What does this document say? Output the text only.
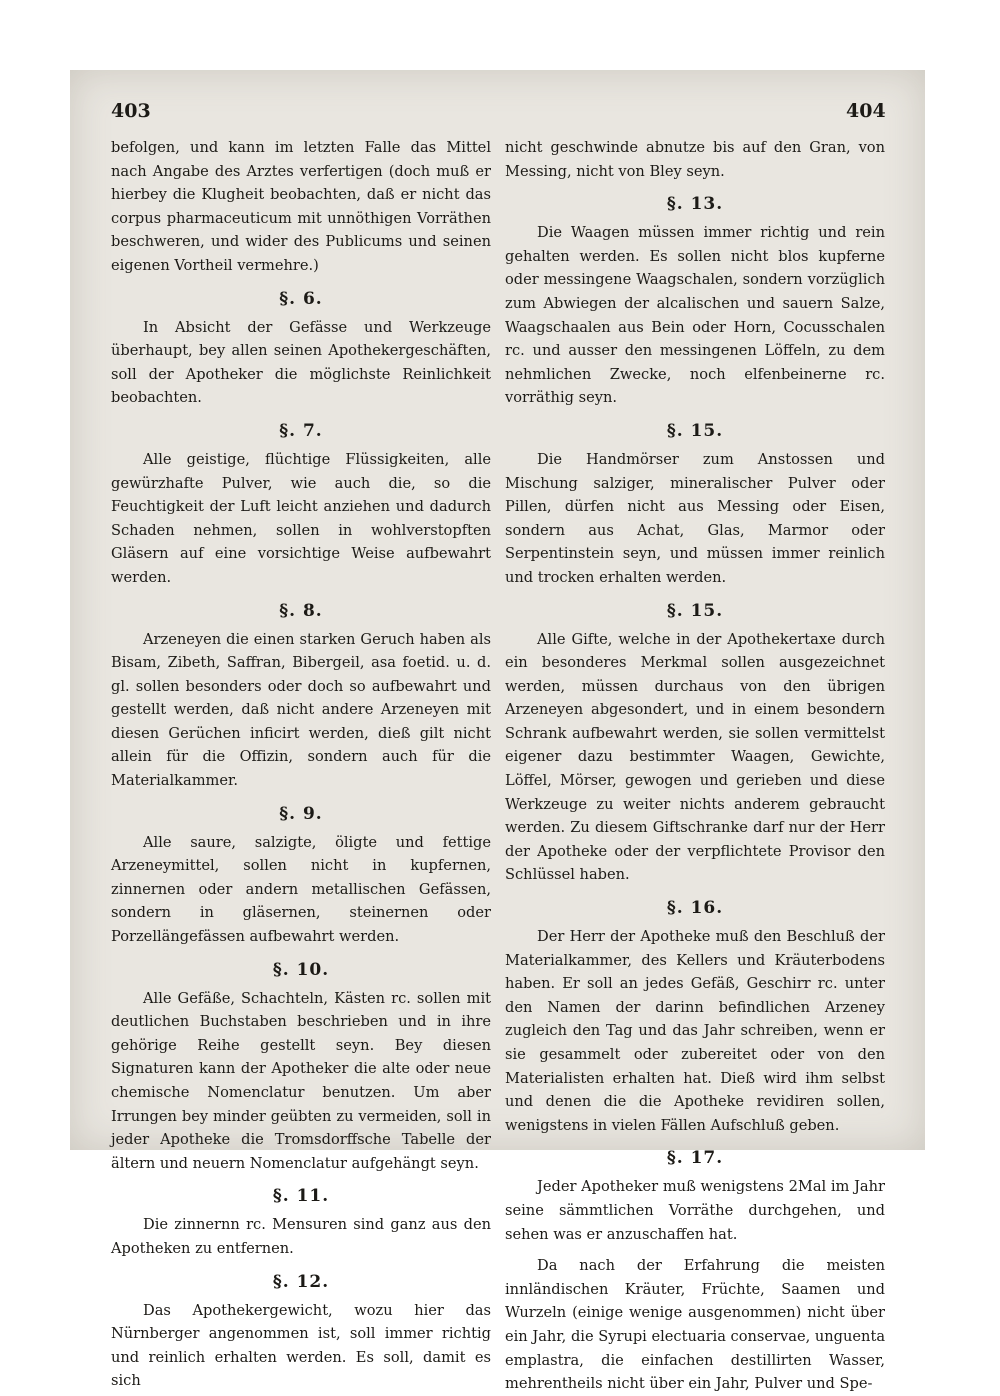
403	404

befolgen, und kann im letzten Falle das Mittel nach Angabe des Arztes verfertigen (doch muß er hierbey die Klugheit beobachten, daß er nicht das corpus pharmaceuticum mit unnöthigen Vorräthen beschweren, und wider des Publicums und seinen eigenen Vortheil vermehre.)

§. 6.

In Absicht der Gefässe und Werkzeuge überhaupt, bey allen seinen Apothekergeschäften, soll der Apotheker die möglichste Reinlichkeit beobachten.

§. 7.

Alle geistige, flüchtige Flüssigkeiten, alle gewürzhafte Pulver, wie auch die, so die Feuchtigkeit der Luft leicht anziehen und dadurch Schaden nehmen, sollen in wohlverstopften Gläsern auf eine vorsichtige Weise aufbewahrt werden.

§. 8.

Arzeneyen die einen starken Geruch haben als Bisam, Zibeth, Saffran, Bibergeil, asa foetid. u. d. gl. sollen besonders oder doch so aufbewahrt und gestellt werden, daß nicht andere Arzeneyen mit diesen Gerüchen inficirt werden, dieß gilt nicht allein für die Offizin, sondern auch für die Materialkammer.

§. 9.

Alle saure, salzigte, öligte und fettige Arzeneymittel, sollen nicht in kupfernen, zinnernen oder andern metallischen Gefässen, sondern in gläsernen, steinernen oder Porzellängefässen aufbewahrt werden.

§. 10.

Alle Gefäße, Schachteln, Kästen rc. sollen mit deutlichen Buchstaben beschrieben und in ihre gehörige Reihe gestellt seyn. Bey diesen Signaturen kann der Apotheker die alte oder neue chemische Nomenclatur benutzen. Um aber Irrungen bey minder geübten zu vermeiden, soll in jeder Apotheke die Tromsdorffsche Tabelle der ältern und neuern Nomenclatur aufgehängt seyn.

§. 11.

Die zinnernn rc. Mensuren sind ganz aus den Apotheken zu entfernen.

§. 12.

Das Apothekergewicht, wozu hier das Nürnberger angenommen ist, soll immer richtig und reinlich erhalten werden. Es soll, damit es sich

nicht geschwinde abnutze bis auf den Gran, von Messing, nicht von Bley seyn.

§. 13.

Die Waagen müssen immer richtig und rein gehalten werden. Es sollen nicht blos kupferne oder messingene Waagschalen, sondern vorzüglich zum Abwiegen der alcalischen und sauern Salze, Waagschaalen aus Bein oder Horn, Cocusschalen rc. und ausser den messingenen Löffeln, zu dem nehmlichen Zwecke, noch elfenbeinerne rc. vorräthig seyn.

§. 15.

Die Handmörser zum Anstossen und Mischung salziger, mineralischer Pulver oder Pillen, dürfen nicht aus Messing oder Eisen, sondern aus Achat, Glas, Marmor oder Serpentinstein seyn, und müssen immer reinlich und trocken erhalten werden.

§. 15.

Alle Gifte, welche in der Apothekertaxe durch ein besonderes Merkmal sollen ausgezeichnet werden, müssen durchaus von den übrigen Arzeneyen abgesondert, und in einem besondern Schrank aufbewahrt werden, sie sollen vermittelst eigener dazu bestimmter Waagen, Gewichte, Löffel, Mörser, gewogen und gerieben und diese Werkzeuge zu weiter nichts anderem gebraucht werden. Zu diesem Giftschranke darf nur der Herr der Apotheke oder der verpflichtete Provisor den Schlüssel haben.

§. 16.

Der Herr der Apotheke muß den Beschluß der Materialkammer, des Kellers und Kräuterbodens haben. Er soll an jedes Gefäß, Geschirr rc. unter den Namen der darinn befindlichen Arzeney zugleich den Tag und das Jahr schreiben, wenn er sie gesammelt oder zubereitet oder von den Materialisten erhalten hat. Dieß wird ihm selbst und denen die die Apotheke revidiren sollen, wenigstens in vielen Fällen Aufschluß geben.

§. 17.

Jeder Apotheker muß wenigstens 2Mal im Jahr seine sämmtlichen Vorräthe durchgehen, und sehen was er anzuschaffen hat.

Da nach der Erfahrung die meisten innländischen Kräuter, Früchte, Saamen und Wurzeln (einige wenige ausgenommen) nicht über ein Jahr, die Syrupi electuaria conservae, unguenta emplastra, die einfachen destillirten Wasser, mehrentheils nicht über ein Jahr, Pulver und Spe-
